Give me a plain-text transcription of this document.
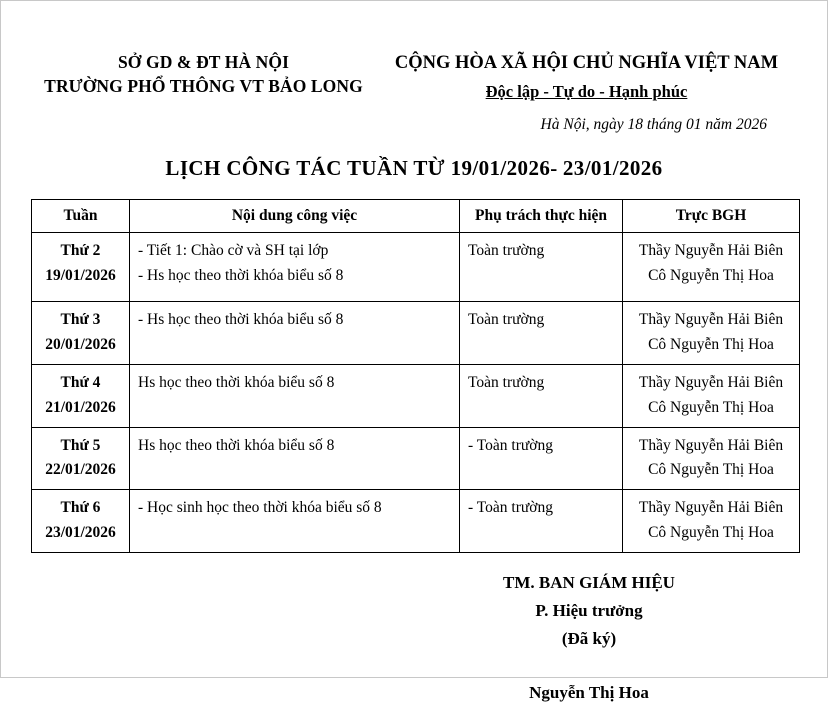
SỞ GD & ĐT HÀ NỘI
TRƯỜNG PHỔ THÔNG VT BẢO LONG
CỘNG HÒA XÃ HỘI CHỦ NGHĨA VIỆT NAM
Độc lập - Tự do - Hạnh phúc
Hà Nội, ngày 18 tháng 01 năm 2026
LỊCH CÔNG TÁC TUẦN TỪ 19/01/2026- 23/01/2026
Tuần	Nội dung công việc	Phụ trách thực hiện	Trực BGH

Thứ 2
19/01/2026	- Tiết 1: Chào cờ và SH tại lớp
- Hs học theo thời khóa biểu số 8	Toàn trường	Thầy Nguyễn Hải Biên
Cô Nguyễn Thị Hoa

Thứ 3
20/01/2026	- Hs học theo thời khóa biểu số 8	Toàn trường	Thầy Nguyễn Hải Biên
Cô Nguyễn Thị Hoa

Thứ 4
21/01/2026	Hs học theo thời khóa biểu số 8	Toàn trường	Thầy Nguyễn Hải Biên
Cô Nguyễn Thị Hoa

Thứ 5
22/01/2026	Hs học theo thời khóa biểu số 8	- Toàn trường	Thầy Nguyễn Hải Biên
Cô Nguyễn Thị Hoa

Thứ 6
23/01/2026	- Học sinh học theo thời khóa biểu số 8	- Toàn trường	Thầy Nguyễn Hải Biên
Cô Nguyễn Thị Hoa
TM. BAN GIÁM HIỆU
P. Hiệu trưởng
(Đã ký)
Nguyễn Thị Hoa
